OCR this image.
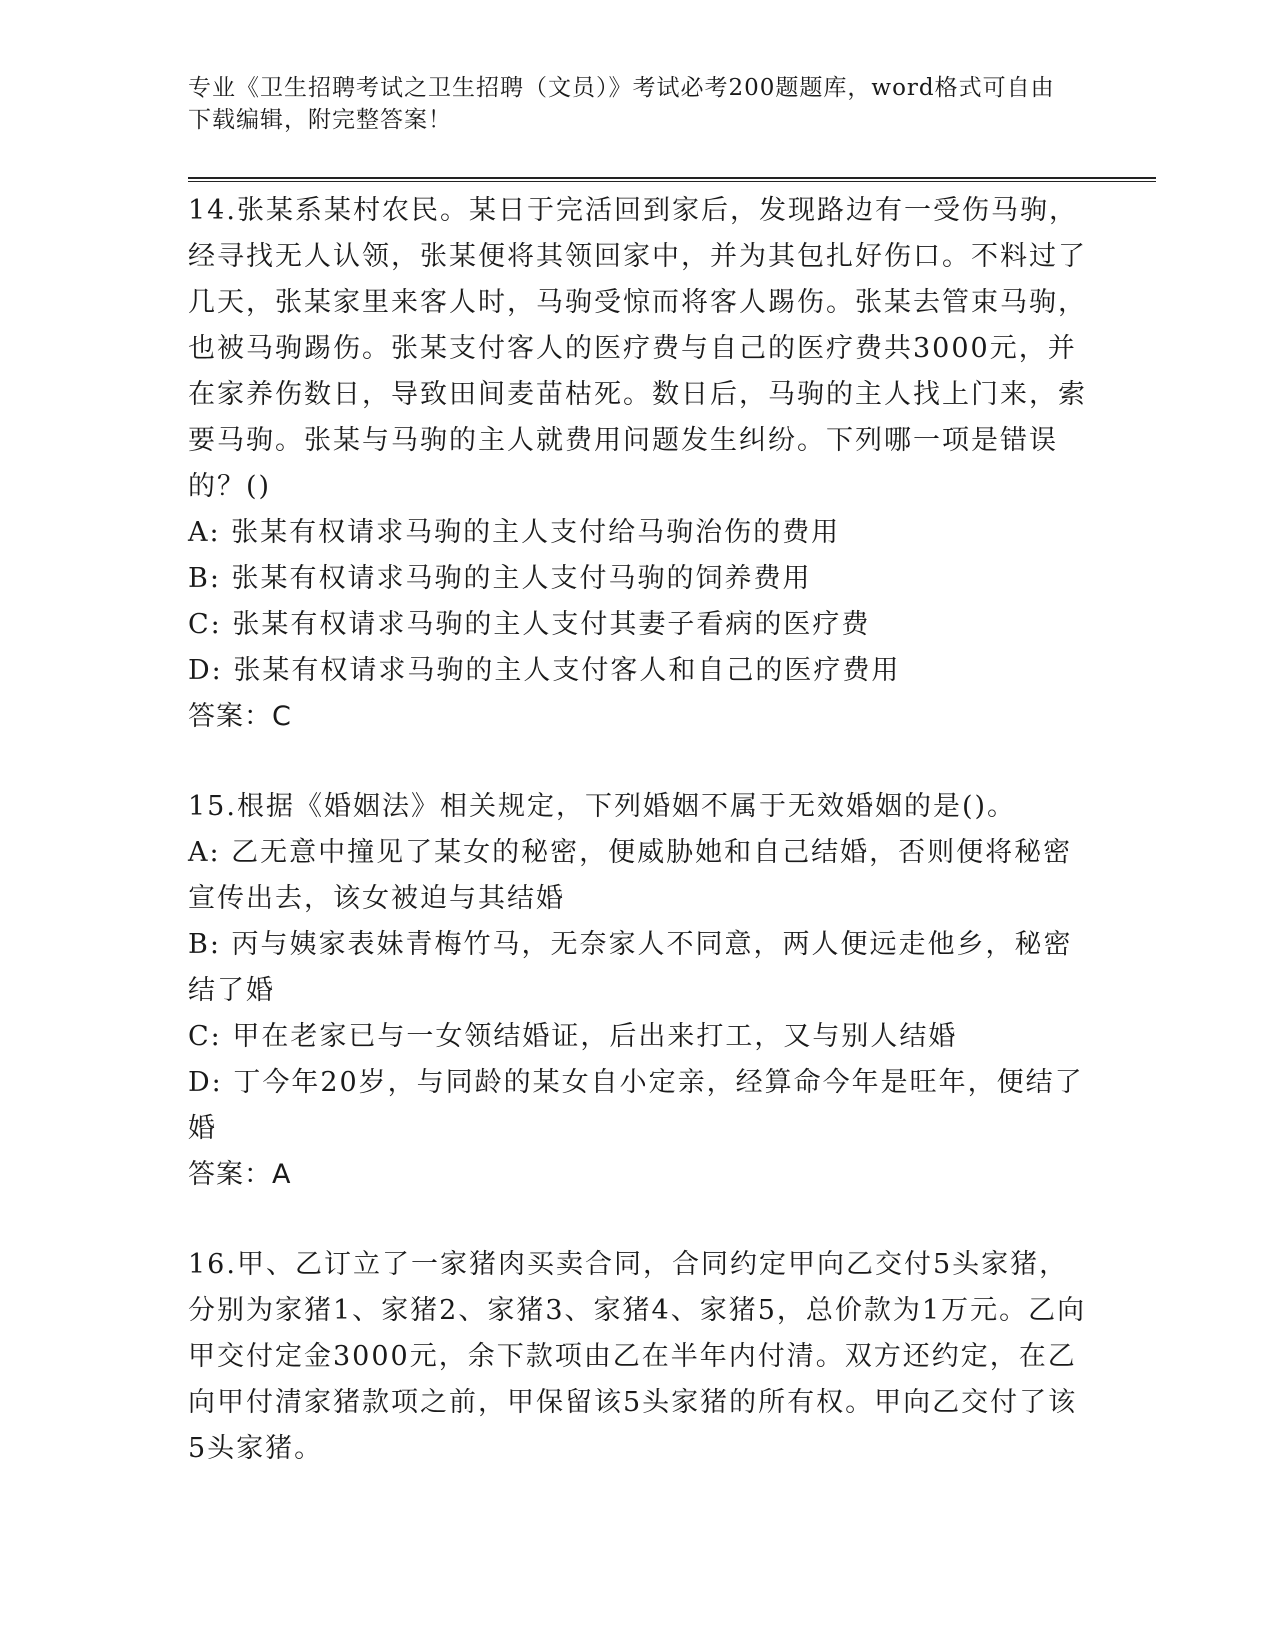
专业《卫生招聘考试之卫生招聘（文员）》考试必考200题题库，word格式可自由下载编辑，附完整答案！

14.张某系某村农民。某日于完活回到家后，发现路边有一受伤马驹，经寻找无人认领，张某便将其领回家中，并为其包扎好伤口。不料过了几天，张某家里来客人时，马驹受惊而将客人踢伤。张某去管束马驹，也被马驹踢伤。张某支付客人的医疗费与自己的医疗费共3000元，并在家养伤数日，导致田间麦苗枯死。数日后，马驹的主人找上门来，索要马驹。张某与马驹的主人就费用问题发生纠纷。下列哪一项是错误的？()

A: 张某有权请求马驹的主人支付给马驹治伤的费用

B: 张某有权请求马驹的主人支付马驹的饲养费用

C: 张某有权请求马驹的主人支付其妻子看病的医疗费

D: 张某有权请求马驹的主人支付客人和自己的医疗费用

答案：C

15.根据《婚姻法》相关规定，下列婚姻不属于无效婚姻的是()。

A: 乙无意中撞见了某女的秘密，便威胁她和自己结婚，否则便将秘密宣传出去，该女被迫与其结婚

B: 丙与姨家表妹青梅竹马，无奈家人不同意，两人便远走他乡，秘密结了婚

C: 甲在老家已与一女领结婚证，后出来打工，又与别人结婚

D: 丁今年20岁，与同龄的某女自小定亲，经算命今年是旺年，便结了婚

答案：A

16.甲、乙订立了一家猪肉买卖合同，合同约定甲向乙交付5头家猪，分别为家猪1、家猪2、家猪3、家猪4、家猪5，总价款为1万元。乙向甲交付定金3000元，余下款项由乙在半年内付清。双方还约定，在乙向甲付清家猪款项之前，甲保留该5头家猪的所有权。甲向乙交付了该5头家猪。
